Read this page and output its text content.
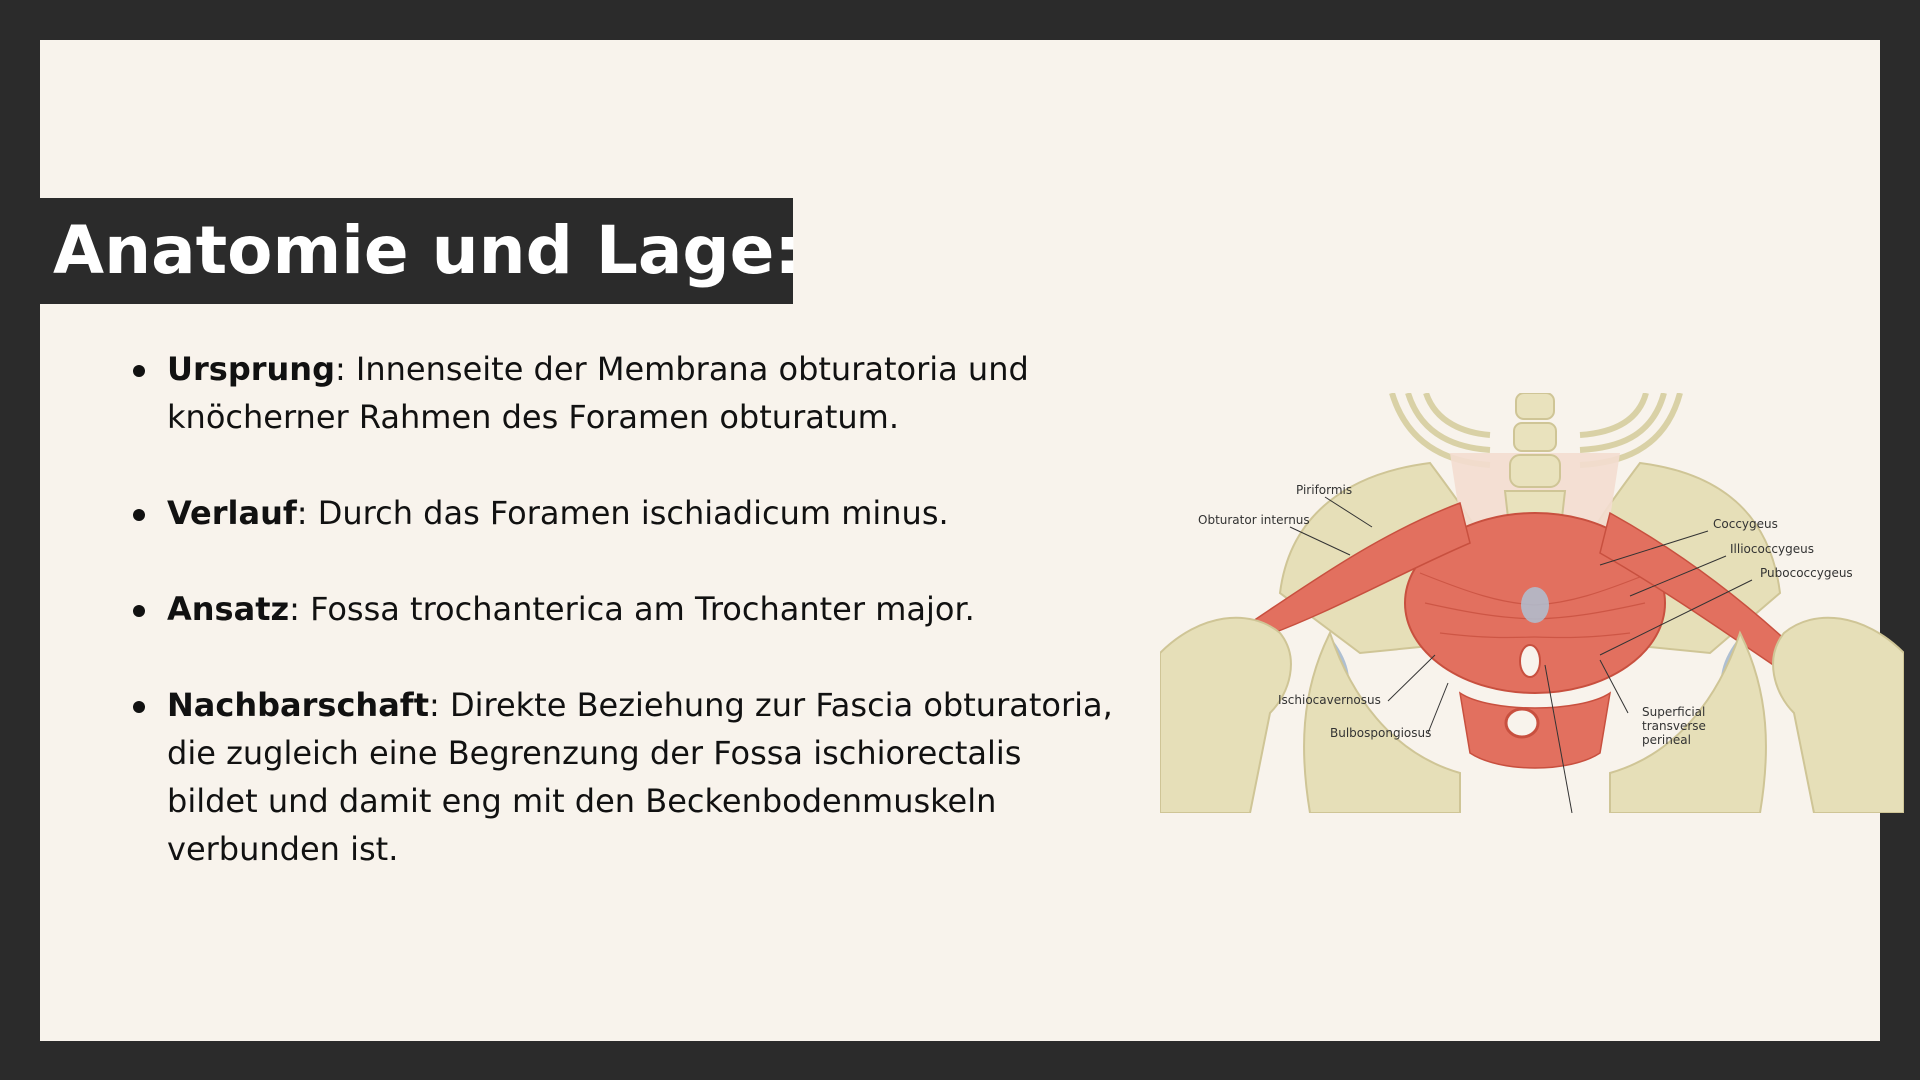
Anatomie und Lage:
Ursprung: Innenseite der Membrana obturatoria und
knöcherner Rahmen des Foramen obturatum.
Verlauf: Durch das Foramen ischiadicum minus.
Ansatz: Fossa trochanterica am Trochanter major.
Nachbarschaft: Direkte Beziehung zur Fascia obturatoria,
die zugleich eine Begrenzung der Fossa ischiorectalis
bildet und damit eng mit den Beckenbodenmuskeln
verbunden ist.
Piriformis
Obturator internus	Coccygeus
Illiococcygeus
Pubococcygeus
Ischiocavernosus
Bulbospongiosus
Superficial
transverse
perineal
